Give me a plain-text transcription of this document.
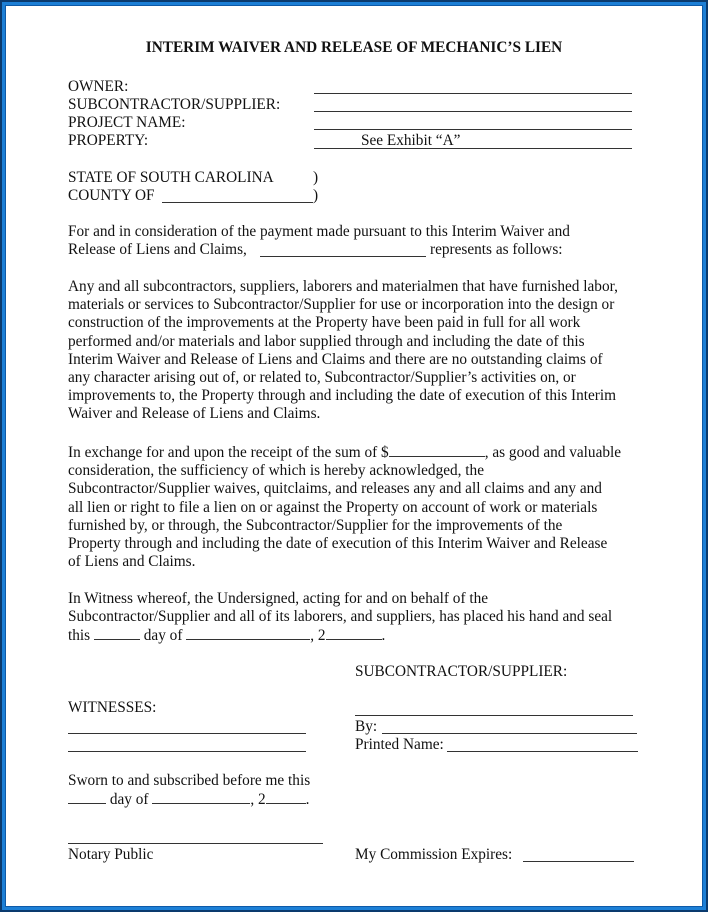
INTERIM WAIVER AND RELEASE OF MECHANIC’S LIEN
OWNER:
SUBCONTRACTOR/SUPPLIER:
PROJECT NAME:
PROPERTY:	See Exhibit “A”
STATE OF SOUTH CAROLINA	)
COUNTY OF	)
For and in consideration of the payment made pursuant to this Interim Waiver and
Release of Liens and Claims,	represents as follows:
Any and all subcontractors, suppliers, laborers and materialmen that have furnished labor,
materials or services to Subcontractor/Supplier for use or incorporation into the design or
construction of the improvements at the Property have been paid in full for all work
performed and/or materials and labor supplied through and including the date of this
Interim Waiver and Release of Liens and Claims and there are no outstanding claims of
any character arising out of, or related to, Subcontractor/Supplier’s activities on, or
improvements to, the Property through and including the date of execution of this Interim
Waiver and Release of Liens and Claims.
In exchange for and upon the receipt of the sum of $	, as good and valuable
consideration, the sufficiency of which is hereby acknowledged, the
Subcontractor/Supplier waives, quitclaims, and releases any and all claims and any and
all lien or right to file a lien on or against the Property on account of work or materials
furnished by, or through, the Subcontractor/Supplier for the improvements of the
Property through and including the date of execution of this Interim Waiver and Release
of Liens and Claims.
In Witness whereof, the Undersigned, acting for and on behalf of the
Subcontractor/Supplier and all of its laborers, and suppliers, has placed his hand and seal
this	day of	, 2	.
SUBCONTRACTOR/SUPPLIER:
WITNESSES:
By:
Printed Name:
Sworn to and subscribed before me this
day of	, 2	.
Notary Public	My Commission Expires:
